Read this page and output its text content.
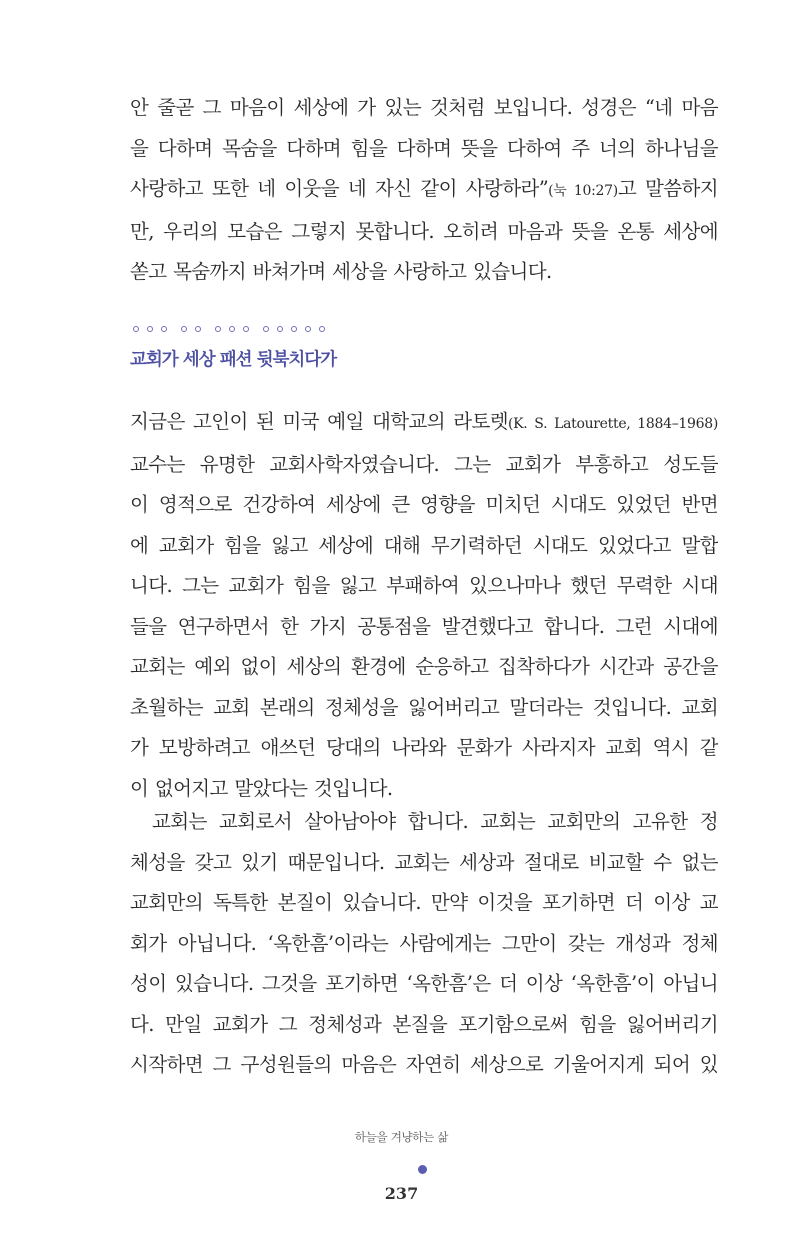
안 줄곧 그 마음이 세상에 가 있는 것처럼 보입니다. 성경은 “네 마음
을 다하며 목숨을 다하며 힘을 다하며 뜻을 다하여 주 너의 하나님을
사랑하고 또한 네 이웃을 네 자신 같이 사랑하라”(눅 10:27)고 말씀하지
만, 우리의 모습은 그렇지 못합니다. 오히려 마음과 뜻을 온통 세상에
쏟고 목숨까지 바쳐가며 세상을 사랑하고 있습니다.

교회가 세상 패션 뒷북치다가

지금은 고인이 된 미국 예일 대학교의 라토렛(K. S. Latourette, 1884–1968)
교수는 유명한 교회사학자였습니다. 그는 교회가 부흥하고 성도들
이 영적으로 건강하여 세상에 큰 영향을 미치던 시대도 있었던 반면
에 교회가 힘을 잃고 세상에 대해 무기력하던 시대도 있었다고 말합
니다. 그는 교회가 힘을 잃고 부패하여 있으나마나 했던 무력한 시대
들을 연구하면서 한 가지 공통점을 발견했다고 합니다. 그런 시대에
교회는 예외 없이 세상의 환경에 순응하고 집착하다가 시간과 공간을
초월하는 교회 본래의 정체성을 잃어버리고 말더라는 것입니다. 교회
가 모방하려고 애쓰던 당대의 나라와 문화가 사라지자 교회 역시 같
이 없어지고 말았다는 것입니다.

교회는 교회로서 살아남아야 합니다. 교회는 교회만의 고유한 정
체성을 갖고 있기 때문입니다. 교회는 세상과 절대로 비교할 수 없는
교회만의 독특한 본질이 있습니다. 만약 이것을 포기하면 더 이상 교
회가 아닙니다. ‘옥한흠’이라는 사람에게는 그만이 갖는 개성과 정체
성이 있습니다. 그것을 포기하면 ‘옥한흠’은 더 이상 ‘옥한흠’이 아닙니
다. 만일 교회가 그 정체성과 본질을 포기함으로써 힘을 잃어버리기
시작하면 그 구성원들의 마음은 자연히 세상으로 기울어지게 되어 있

하늘을 겨냥하는 삶
237
